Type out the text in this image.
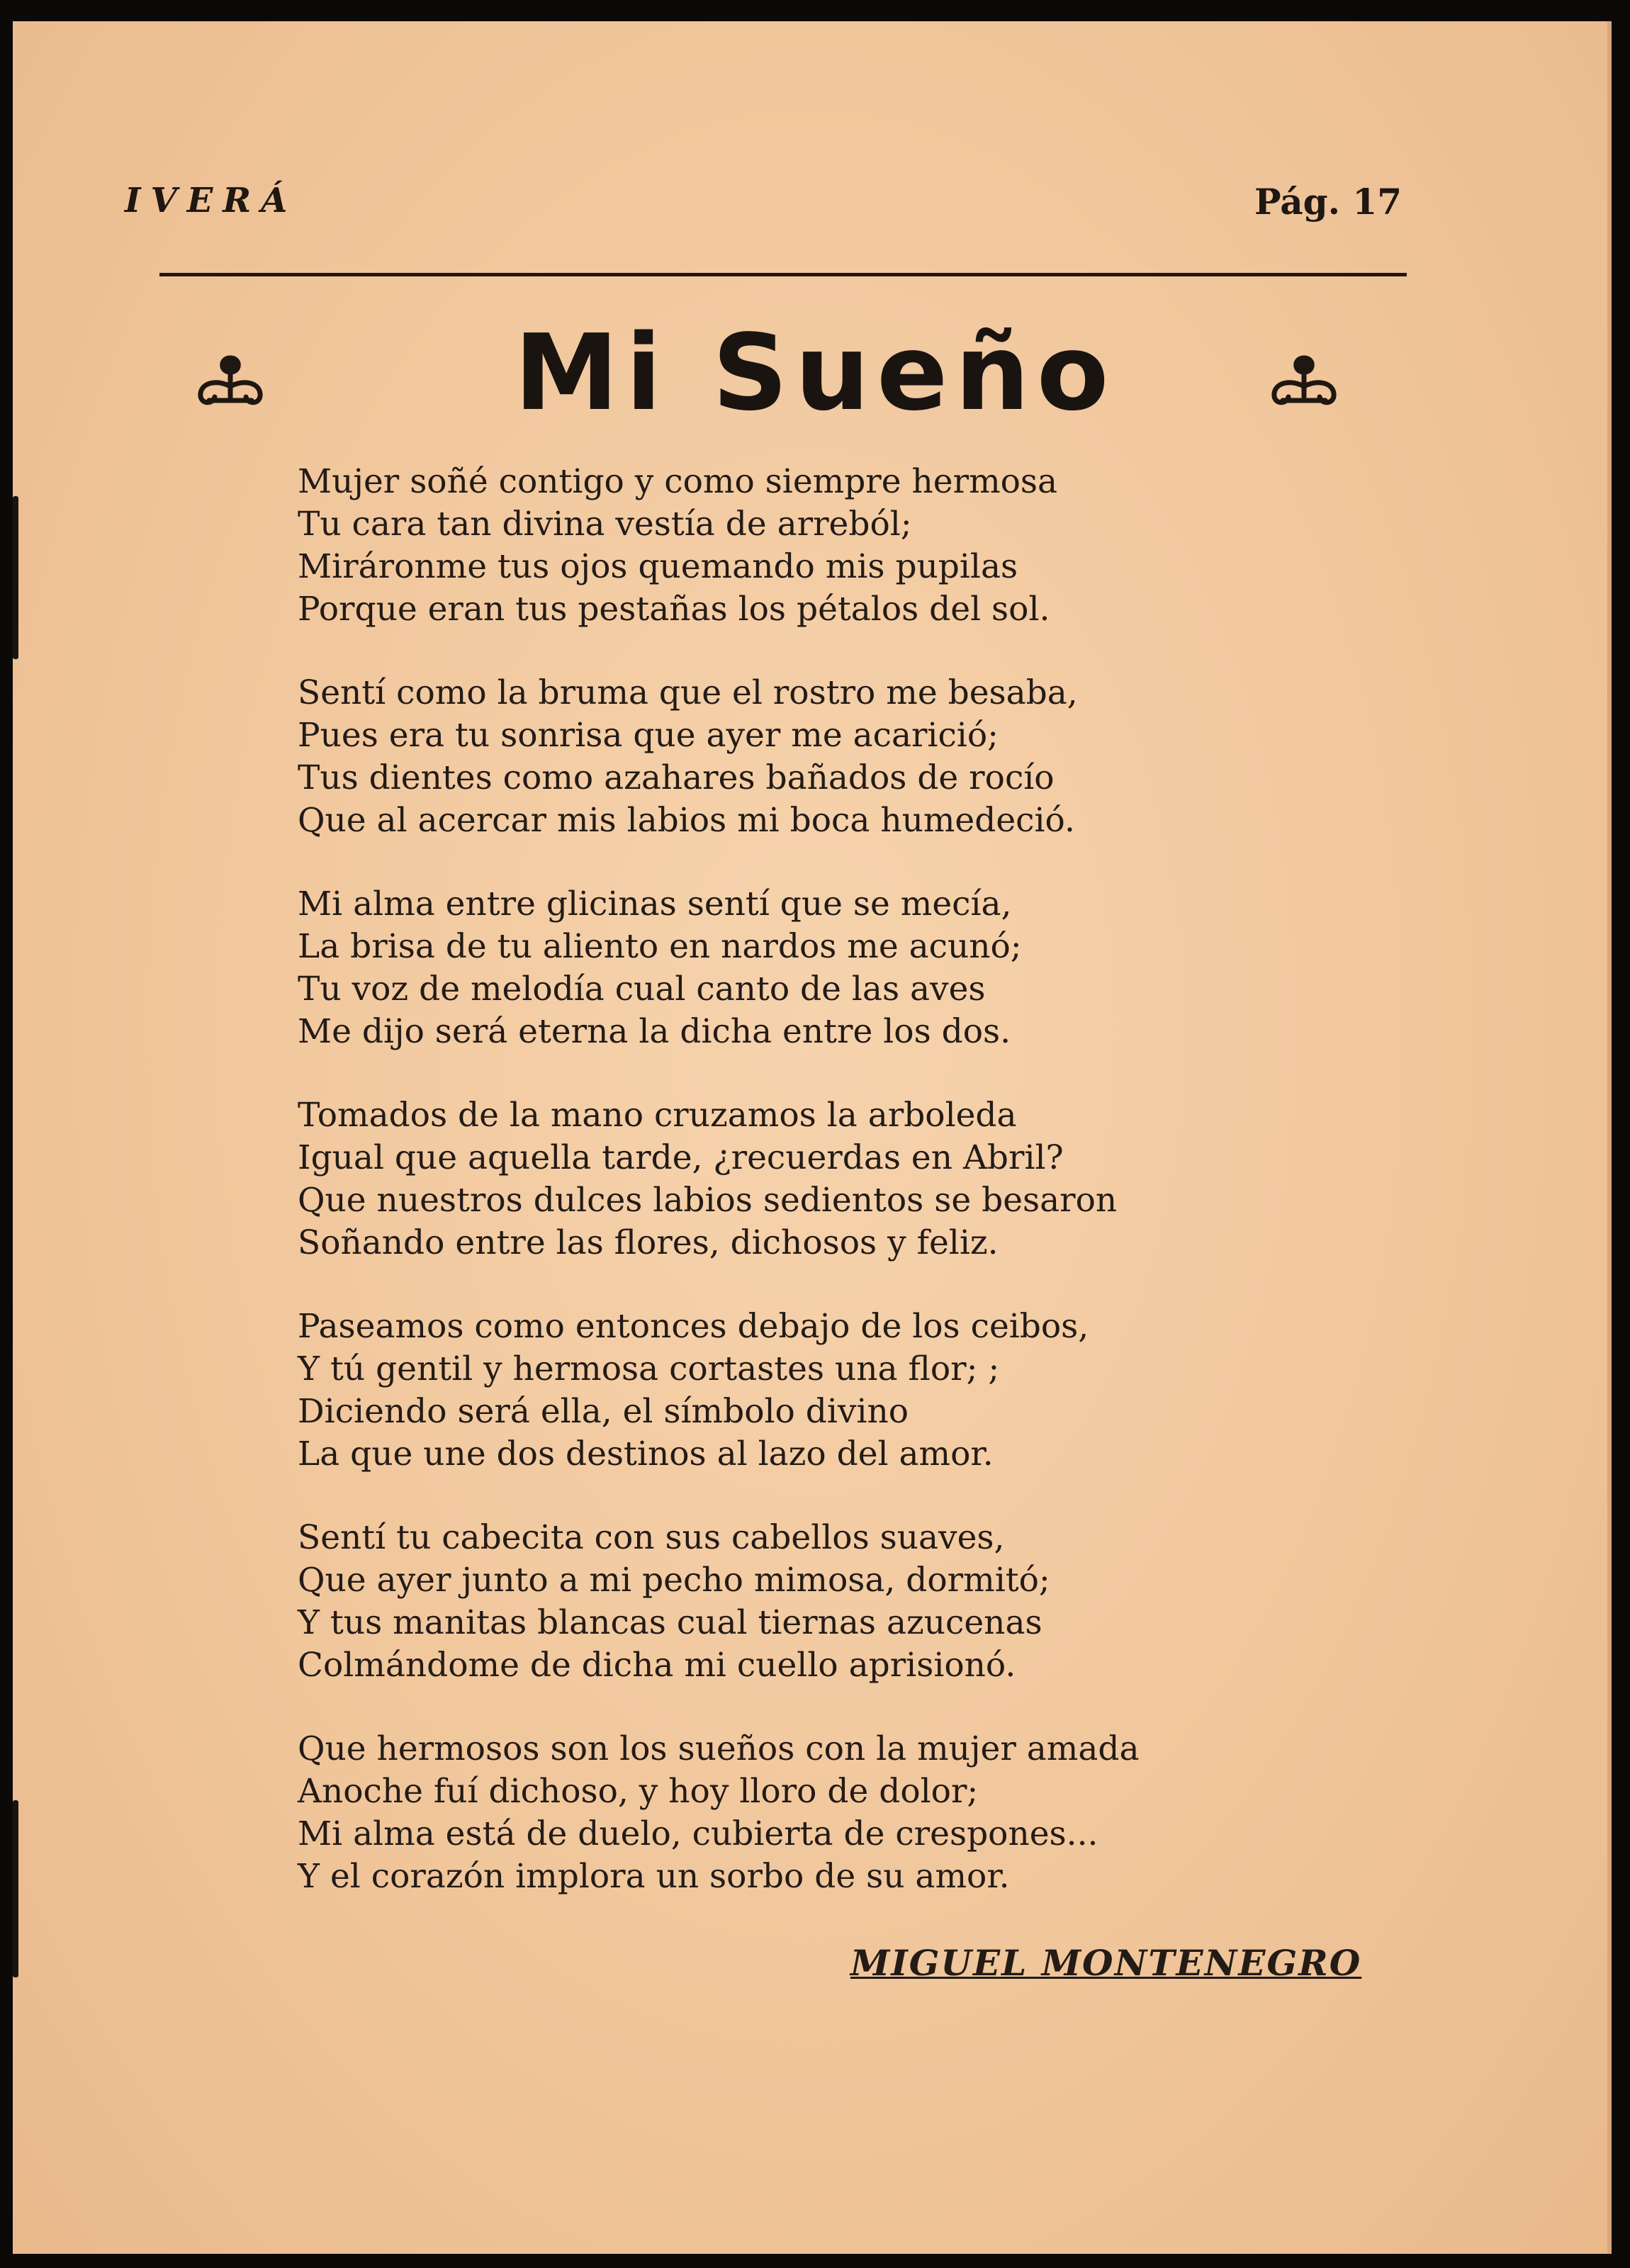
IVERÁ	Pág. 17
Mi Sueño
Mujer soñé contigo y como siempre hermosa
Tu cara tan divina vestía de arreból;
Miráronme tus ojos quemando mis pupilas
Porque eran tus pestañas los pétalos del sol.
Sentí como la bruma que el rostro me besaba,
Pues era tu sonrisa que ayer me acarició;
Tus dientes como azahares bañados de rocío
Que al acercar mis labios mi boca humedeció.
Mi alma entre glicinas sentí que se mecía,
La brisa de tu aliento en nardos me acunó;
Tu voz de melodía cual canto de las aves
Me dijo será eterna la dicha entre los dos.
Tomados de la mano cruzamos la arboleda
Igual que aquella tarde, ¿recuerdas en Abril?
Que nuestros dulces labios sedientos se besaron
Soñando entre las flores, dichosos y feliz.
Paseamos como entonces debajo de los ceibos,
Y tú gentil y hermosa cortastes una flor; ;
Diciendo será ella, el símbolo divino
La que une dos destinos al lazo del amor.
Sentí tu cabecita con sus cabellos suaves,
Que ayer junto a mi pecho mimosa, dormitó;
Y tus manitas blancas cual tiernas azucenas
Colmándome de dicha mi cuello aprisionó.
Que hermosos son los sueños con la mujer amada
Anoche fuí dichoso, y hoy lloro de dolor;
Mi alma está de duelo, cubierta de crespones...
Y el corazón implora un sorbo de su amor.
MIGUEL MONTENEGRO
